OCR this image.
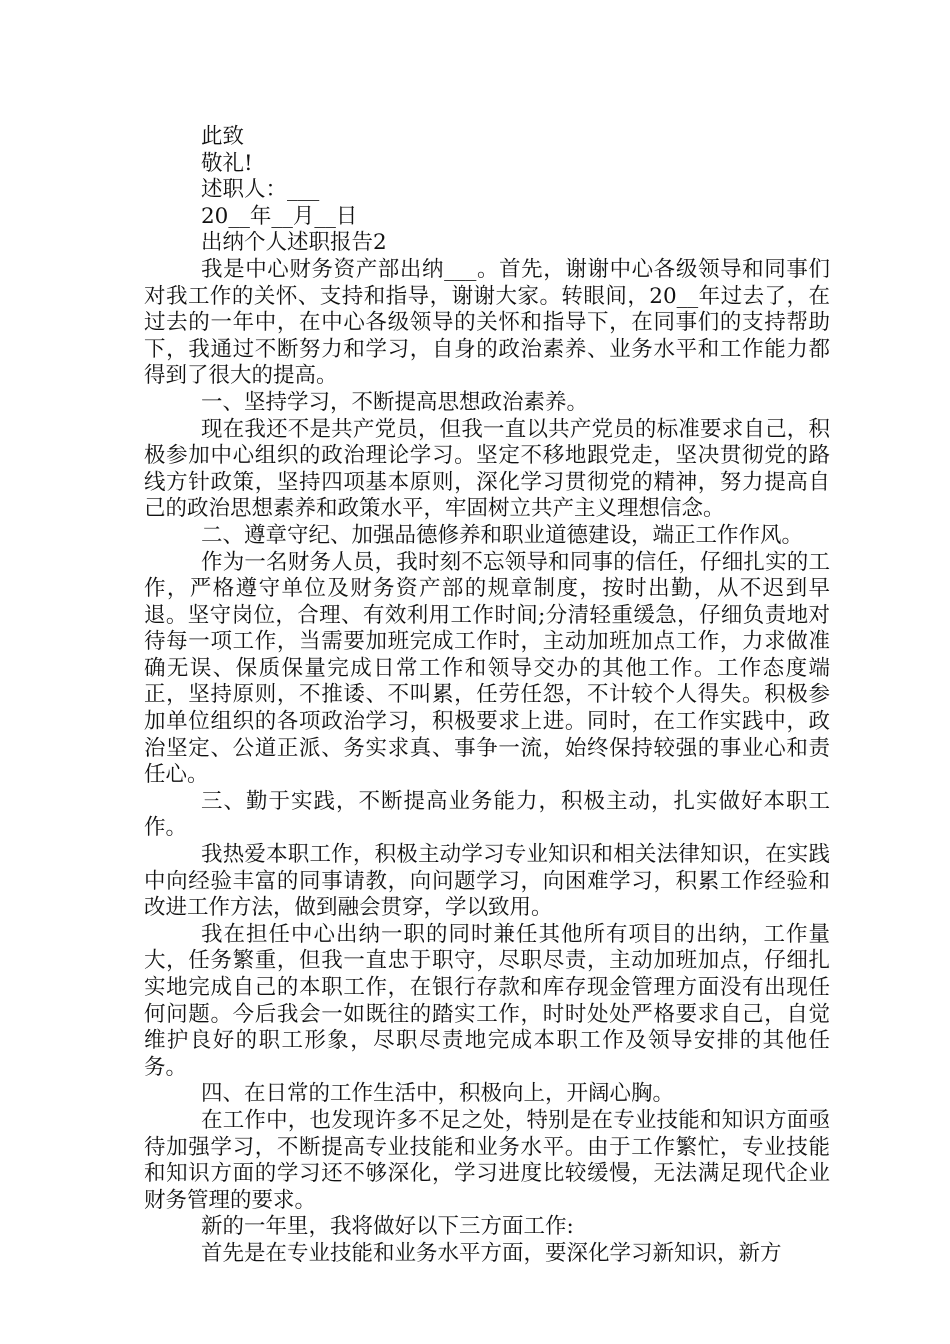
此致
敬礼!
述职人：___
20__年__月__日
出纳个人述职报告2

我是中心财务资产部出纳___。首先，谢谢中心各级领导和同事们对我工作的关怀、支持和指导，谢谢大家。转眼间，20__年过去了，在过去的一年中，在中心各级领导的关怀和指导下，在同事们的支持帮助下，我通过不断努力和学习，自身的政治素养、业务水平和工作能力都得到了很大的提高。

一、坚持学习，不断提高思想政治素养。

现在我还不是共产党员，但我一直以共产党员的标准要求自己，积极参加中心组织的政治理论学习。坚定不移地跟党走，坚决贯彻党的路线方针政策，坚持四项基本原则，深化学习贯彻党的精神，努力提高自己的政治思想素养和政策水平，牢固树立共产主义理想信念。

二、遵章守纪、加强品德修养和职业道德建设，端正工作作风。

作为一名财务人员，我时刻不忘领导和同事的信任，仔细扎实的工作，严格遵守单位及财务资产部的规章制度，按时出勤，从不迟到早退。坚守岗位，合理、有效利用工作时间;分清轻重缓急，仔细负责地对待每一项工作，当需要加班完成工作时，主动加班加点工作，力求做准确无误、保质保量完成日常工作和领导交办的其他工作。工作态度端正，坚持原则，不推诿、不叫累，任劳任怨，不计较个人得失。积极参加单位组织的各项政治学习，积极要求上进。同时，在工作实践中，政治坚定、公道正派、务实求真、事争一流，始终保持较强的事业心和责任心。

三、勤于实践，不断提高业务能力，积极主动，扎实做好本职工作。

我热爱本职工作，积极主动学习专业知识和相关法律知识，在实践中向经验丰富的同事请教，向问题学习，向困难学习，积累工作经验和改进工作方法，做到融会贯穿，学以致用。

我在担任中心出纳一职的同时兼任其他所有项目的出纳，工作量大，任务繁重，但我一直忠于职守，尽职尽责，主动加班加点，仔细扎实地完成自己的本职工作，在银行存款和库存现金管理方面没有出现任何问题。今后我会一如既往的踏实工作，时时处处严格要求自己，自觉维护良好的职工形象，尽职尽责地完成本职工作及领导安排的其他任务。

四、在日常的工作生活中，积极向上，开阔心胸。

在工作中，也发现许多不足之处，特别是在专业技能和知识方面亟待加强学习，不断提高专业技能和业务水平。由于工作繁忙，专业技能和知识方面的学习还不够深化，学习进度比较缓慢，无法满足现代企业财务管理的要求。

新的一年里，我将做好以下三方面工作:

首先是在专业技能和业务水平方面，要深化学习新知识，新方
